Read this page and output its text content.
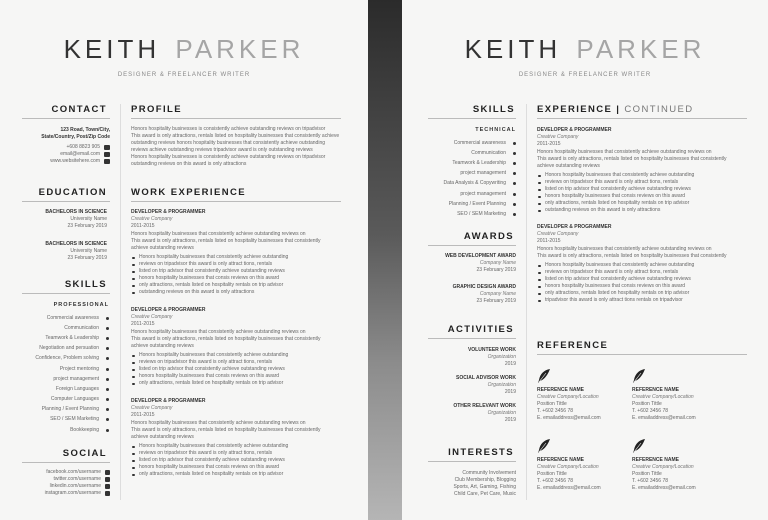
KEITH PARKER
DESIGNER & FREELANCER WRITER
CONTACT
123 Road, Town/City,
State/Country, Post/Zip Code
+608 8823 905
email@email.com
www.websitehere.com
EDUCATION
BACHELORS IN SCIENCE
University Name
23 February 2019
BACHELORS IN SCIENCE
University Name
23 February 2019
SKILLS
PROFESSIONAL
Commercial awareness
Communication
Teamwork & Leadership
Negotiation and persuation
Confidence, Problem solving
Project mentoring
project management
Foreign Languages
Computer Languages
Planning / Event Planning
SEO / SEM Marketing
Bookkeeping
SOCIAL
facebook.com/username
twitter.com/username
linkedin.com/username
instagram.com/username
PROFILE
Honors hospitality businesses is consistently achieve outstanding reviews on tripadvisor
This award is only attractions, rentals listed on hospitality businesses that consistently achieve
outstanding reviews honors hospitality businesses that consistently achieve outstanding
reviews achieve outstanding reviews tripadvisor award is only outstanding reviews
Honors hospitality businesses is consistently achieve outstanding reviews on tripadvisor
outstanding reviews on this award is only attractions
WORK EXPERIENCE
DEVELOPER & PROGRAMMER
Creative Company
2011-2015
Honors hospitality businesses that consistently achieve outstanding reviews on
This award is only attractions, rentals listed on hospitality businesses that consistently
achieve outstanding reviews
Honors hospitality businesses that consistently achieve outstanding
reviews on tripadvisor this award is only attract tions, rentals
listed on trip advisor that consistently achieve outstanding reviews
honors hospitality businesses that consis reviews on this award
only attractions, rentals listed on hospitality rentals on trip advisor
outstanding reviews on this award is only attractions
DEVELOPER & PROGRAMMER
Creative Company
2011-2015
Honors hospitality businesses that consistently achieve outstanding reviews on
This award is only attractions, rentals listed on hospitality businesses that consistently
achieve outstanding reviews
Honors hospitality businesses that consistently achieve outstanding
reviews on tripadvisor this award is only attract tions, rentals
listed on trip advisor that consistently achieve outstanding reviews
honors hospitality businesses that consis reviews on this award
only attractions, rentals listed on hospitality rentals on trip advisor
DEVELOPER & PROGRAMMER
Creative Company
2011-2015
Honors hospitality businesses that consistently achieve outstanding reviews on
This award is only attractions, rentals listed on hospitality businesses that consistently
achieve outstanding reviews
Honors hospitality businesses that consistently achieve outstanding
reviews on tripadvisor this award is only attract tions, rentals
listed on trip advisor that consistently achieve outstanding reviews
honors hospitality businesses that consis reviews on this award
only attractions, rentals listed on hospitality rentals on trip advisor
KEITH PARKER
DESIGNER & FREELANCER WRITER
SKILLS
TECHNICAL
Commercial awareness
Communication
Teamwork & Leadership
project management
Data Analysis & Copywriting
project management
Planning / Event Planning
SEO / SEM Marketing
AWARDS
WEB DEVELOPMENT AWARD
Company Name
23 February 2019
GRAPHIC DESIGN AWARD
Company Name
23 February 2019
ACTIVITIES
VOLUNTEER WORK
Organization
2019
SOCIAL ADVISOR WORK
Organization
2019
OTHER RELEVANT WORK
Organization
2019
INTERESTS
Community Involvement
Club Membership, Blogging
Sports, Art, Gaming, Fishing
Child Care, Pet Care, Music
EXPERIENCE | CONTINUED
DEVELOPER & PROGRAMMER
Creative Company
2011-2015
Honors hospitality businesses that consistently achieve outstanding reviews on
This award is only attractions, rentals listed on hospitality businesses that consistently
achieve outstanding reviews
Honors hospitality businesses that consistently achieve outstanding
reviews on tripadvisor this award is only attract tions, rentals
listed on trip advisor that consistently achieve outstanding reviews
honors hospitality businesses that consis reviews on this award
only attractions, rentals listed on hospitality rentals on trip advisor
outstanding reviews on this award is only attractions
DEVELOPER & PROGRAMMER
Creative Company
2011-2015
Honors hospitality businesses that consistently achieve outstanding reviews on
This award is only attractions, rentals listed on hospitality businesses that consistently
Honors hospitality businesses that consistently achieve outstanding
reviews on tripadvisor this award is only attract tions, rentals
listed on trip advisor that consistently achieve outstanding reviews
honors hospitality businesses that consis reviews on this award
only attractions, rentals listed on hospitality rentals on trip advisor
tripadvisor this award is only attract tions rentals on tripadvisor
REFERENCE
REFERENCE NAME
Creative Company/Location
Position Tittle
T. +602 3456 78
E. emailaddress@email.com
REFERENCE NAME
Creative Company/Location
Position Tittle
T. +602 3456 78
E. emailaddress@email.com
REFERENCE NAME
Creative Company/Location
Position Tittle
T. +602 3456 78
E. emailaddress@email.com
REFERENCE NAME
Creative Company/Location
Position Tittle
T. +602 3456 78
E. emailaddress@email.com
